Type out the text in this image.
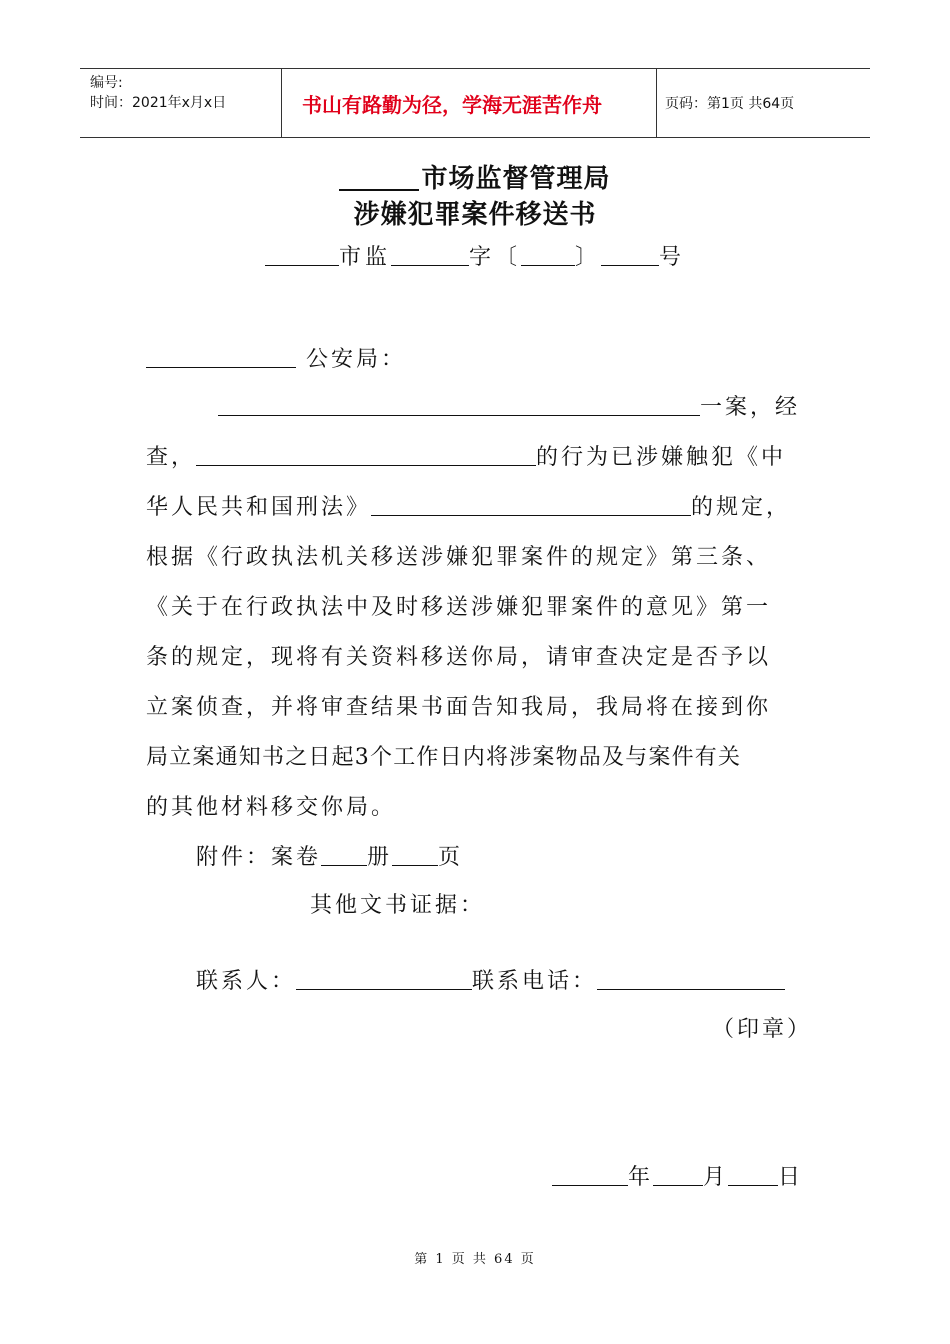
编号:
时间：2021年x月x日	书山有路勤为径，学海无涯苦作舟	页码：第1页 共64页
市场监督管理局
涉嫌犯罪案件移送书
市监	字〔 〕	号
公安局：
一案，经
查，	的行为已涉嫌触犯《中
华人民共和国刑法》	的规定，
根据《行政执法机关移送涉嫌犯罪案件的规定》第三条、
《关于在行政执法中及时移送涉嫌犯罪案件的意见》第一
条的规定，现将有关资料移送你局，请审查决定是否予以
立案侦查，并将审查结果书面告知我局，我局将在接到你
局立案通知书之日起3个工作日内将涉案物品及与案件有关
的其他材料移交你局。
附件：案卷 册 页
其他文书证据：
联系人：	联系电话：
（印章）
年 月 日
第 1 页 共 64 页
